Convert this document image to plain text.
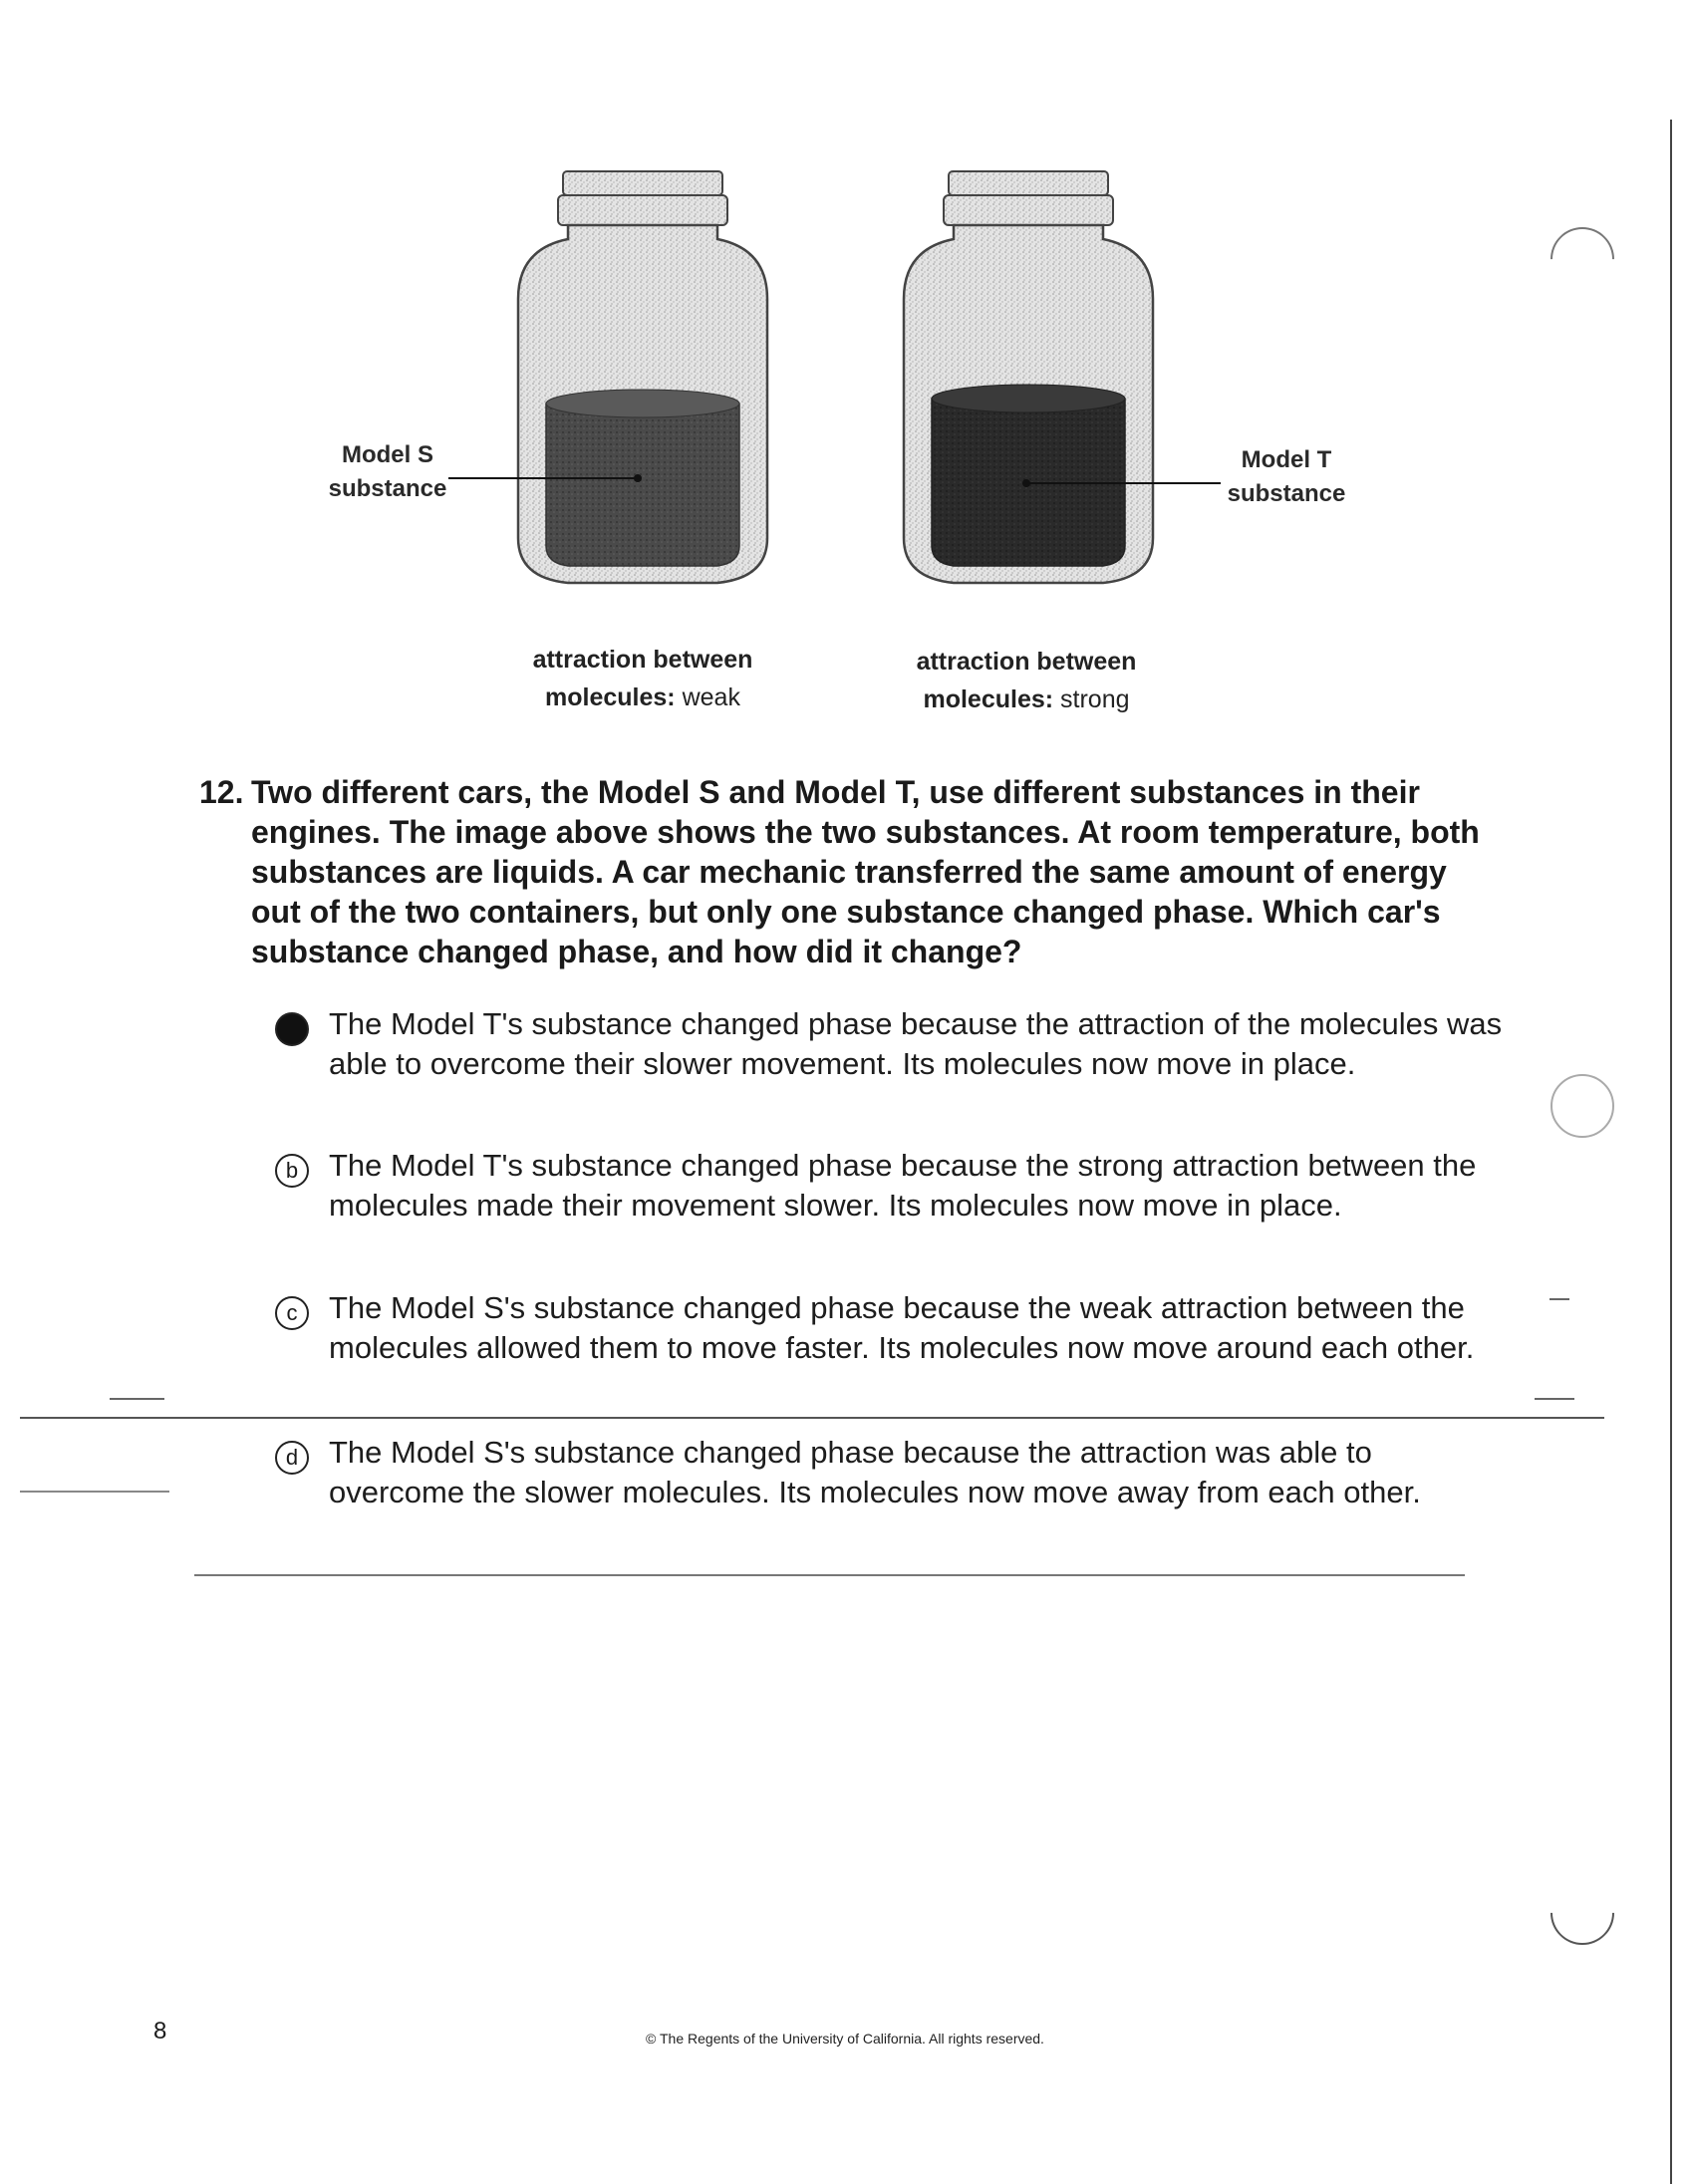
Model S
substance
Model T
substance
attraction between
molecules: weak
attraction between
molecules: strong
12. Two different cars, the Model S and Model T, use different substances in their engines. The image above shows the two substances. At room temperature, both substances are liquids. A car mechanic transferred the same amount of energy out of the two containers, but only one substance changed phase. Which car's substance changed phase, and how did it change?
The Model T's substance changed phase because the attraction of the molecules was able to overcome their slower movement. Its molecules now move in place.
b The Model T's substance changed phase because the strong attraction between the molecules made their movement slower. Its molecules now move in place.
c	The Model S's substance changed phase because the weak attraction between the molecules allowed them to move faster. Its molecules now move around each other.
d The Model S's substance changed phase because the attraction was able to overcome the slower molecules. Its molecules now move away from each other.
8	© The Regents of the University of California. All rights reserved.
